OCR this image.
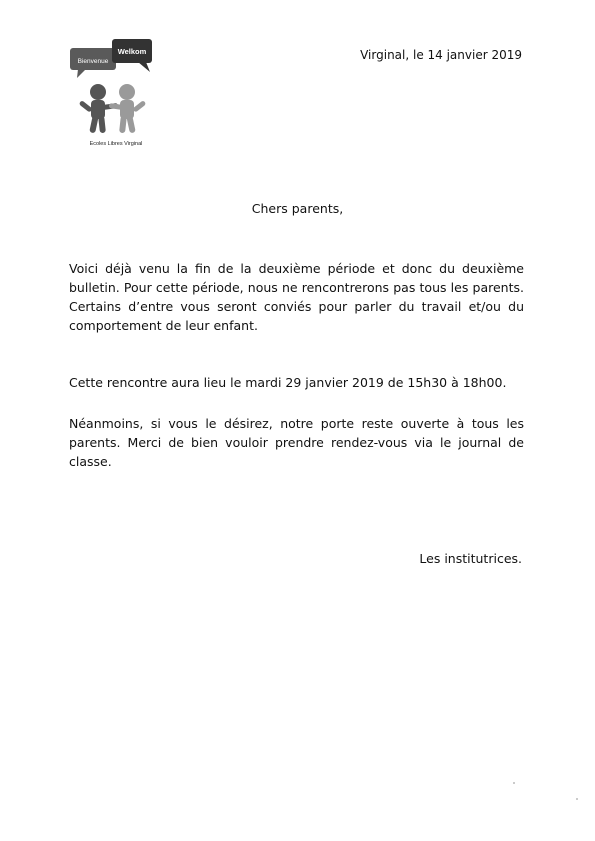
Bienvenue
Welkom
Ecoles Libres Virginal
Virginal, le 14 janvier 2019
Chers parents,
Voici déjà venu la fin de la deuxième période et donc du deuxième bulletin. Pour cette période, nous ne rencontrerons pas tous les parents. Certains d’entre vous seront conviés pour parler du travail et/ou du comportement de leur enfant.
Cette rencontre aura lieu le mardi 29 janvier 2019 de 15h30 à 18h00.
Néanmoins, si vous le désirez, notre porte reste ouverte à tous les parents. Merci de bien vouloir prendre rendez-vous via le journal de classe.
Les institutrices.
